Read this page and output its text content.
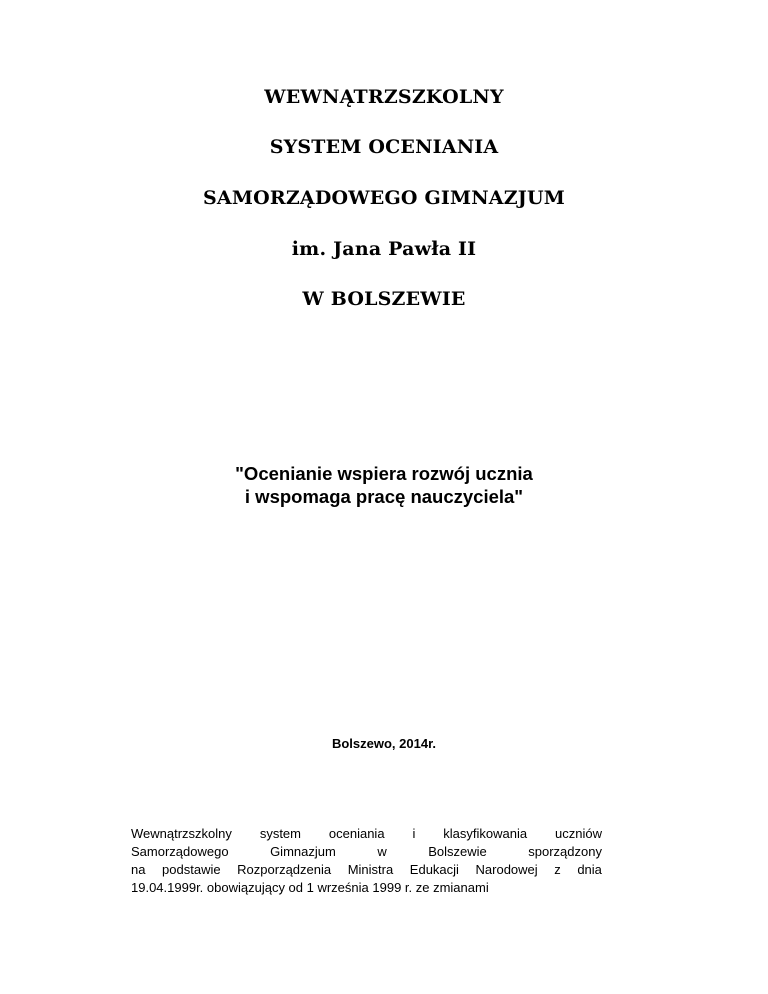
WEWNĄTRZSZKOLNY
SYSTEM OCENIANIA
SAMORZĄDOWEGO GIMNAZJUM
im. Jana Pawła II
W BOLSZEWIE
"Ocenianie wspiera rozwój ucznia
i wspomaga pracę nauczyciela"
Bolszewo, 2014r.
Wewnątrzszkolny system oceniania i klasyfikowania uczniów
Samorządowego	Gimnazjum	w	Bolszewie	sporządzony
na podstawie Rozporządzenia Ministra Edukacji Narodowej z dnia
19.04.1999r. obowiązujący od 1 września 1999 r. ze zmianami
